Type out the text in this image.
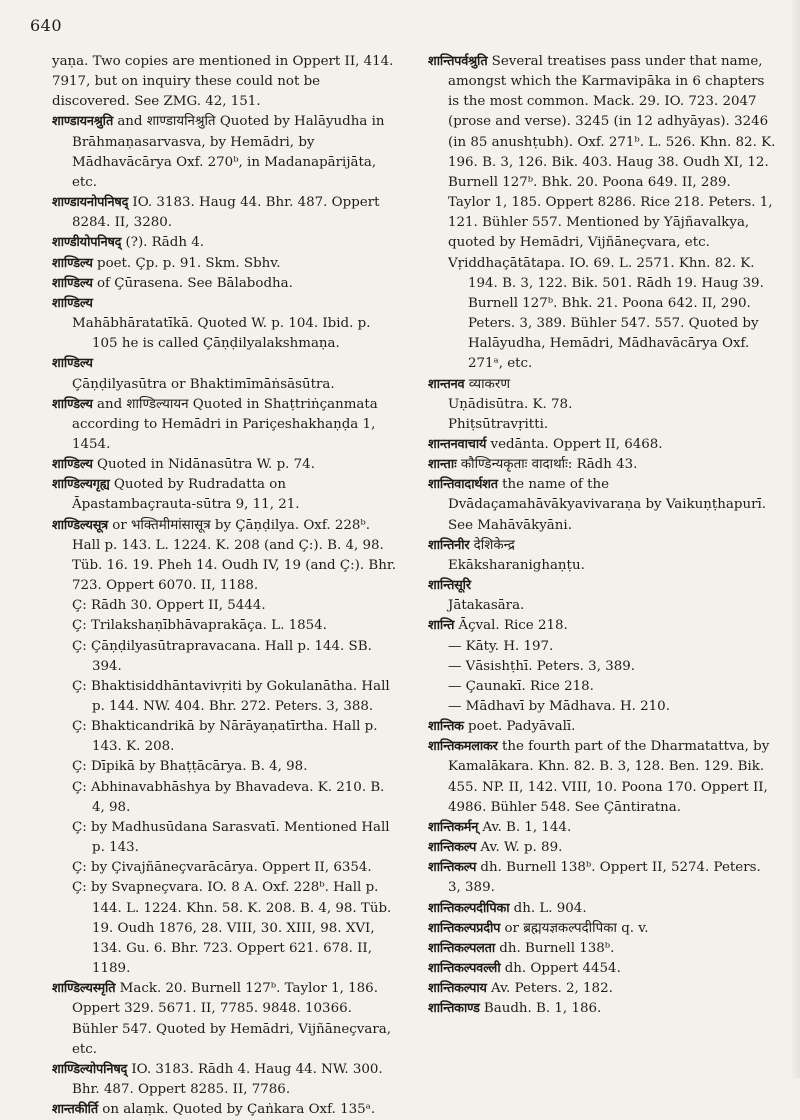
640

yaṇa. Two copies are mentioned in Oppert II, 414. 7917, but on inquiry these could not be discovered. See ZMG. 42, 151.

शाण्डायनश्रुति and शाण्डायनिश्रुति Quoted by Halāyudha in Brāhmaṇasarvasva, by Hemādri, by Mādhavācārya Oxf. 270ᵇ, in Madanapārijāta, etc.

शाण्डायनोपनिषद् IO. 3183. Haug 44. Bhr. 487. Oppert 8284. II, 3280.

शाण्डीयोपनिषद् (?). Rādh 4.

शाण्डिल्य poet. Çp. p. 91. Skm. Sbhv.

शाण्डिल्य of Çūrasena. See Bālabodha.

शाण्डिल्य

Mahābhāratatīkā. Quoted W. p. 104. Ibid. p. 105 he is called Çāṇḍilyalakshmaṇa.

शाण्डिल्य

Çāṇḍilyasūtra or Bhaktimīmāṅsāsūtra.

शाण्डिल्य and शाण्डिल्यायन Quoted in Shaṭtriṅçanmata according to Hemādri in Pariçeshakhaṇḍa 1, 1454.

शाण्डिल्य Quoted in Nidānasūtra W. p. 74.

शाण्डिल्यगृह्य Quoted by Rudradatta on Āpastambaçrauta-sūtra 9, 11, 21.

शाण्डिल्यसूत्र or भक्तिमीमांसासूत्र by Çāṇḍilya. Oxf. 228ᵇ. Hall p. 143. L. 1224. K. 208 (and Ç:). B. 4, 98. Tüb. 16. 19. Pheh 14. Oudh IV, 19 (and Ç:). Bhr. 723. Oppert 6070. II, 1188.

Ç: Rādh 30. Oppert II, 5444.

Ç: Trilakshaṇībhāvaprakāça. L. 1854.

Ç: Çāṇḍilyasūtrapravacana. Hall p. 144. SB. 394.

Ç: Bhaktisiddhāntavivṛiti by Gokulanātha. Hall p. 144. NW. 404. Bhr. 272. Peters. 3, 388.

Ç: Bhakticandrikā by Nārāyaṇatīrtha. Hall p. 143. K. 208.

Ç: Dīpikā by Bhaṭṭācārya. B. 4, 98.

Ç: Abhinavabhāshya by Bhavadeva. K. 210. B. 4, 98.

Ç: by Madhusūdana Sarasvatī. Mentioned Hall p. 143.

Ç: by Çivajñāneçvarācārya. Oppert II, 6354.

Ç: by Svapneçvara. IO. 8 A. Oxf. 228ᵇ. Hall p. 144. L. 1224. Khn. 58. K. 208. B. 4, 98. Tüb. 19. Oudh 1876, 28. VIII, 30. XIII, 98. XVI, 134. Gu. 6. Bhr. 723. Oppert 621. 678. II, 1189.

शाण्डिल्यस्मृति Mack. 20. Burnell 127ᵇ. Taylor 1, 186. Oppert 329. 5671. II, 7785. 9848. 10366. Bühler 547. Quoted by Hemādri, Vijñāneçvara, etc.

शाण्डिल्योपनिषद् IO. 3183. Rādh 4. Haug 44. NW. 300. Bhr. 487. Oppert 8285. II, 7786.

शान्तकीर्ति on alaṃk. Quoted by Çaṅkara Oxf. 135ᵃ.

शान्तिपर्वश्रुति Several treatises pass under that name, amongst which the Karmavipāka in 6 chapters is the most common. Mack. 29. IO. 723. 2047 (prose and verse). 3245 (in 12 adhyāyas). 3246 (in 85 anushṭubh). Oxf. 271ᵇ. L. 526. Khn. 82. K. 196. B. 3, 126. Bik. 403. Haug 38. Oudh XI, 12. Burnell 127ᵇ. Bhk. 20. Poona 649. II, 289. Taylor 1, 185. Oppert 8286. Rice 218. Peters. 1, 121. Bühler 557. Mentioned by Yājñavalkya, quoted by Hemādri, Vijñāneçvara, etc.

Vṛiddhaçātātapa. IO. 69. L. 2571. Khn. 82. K. 194. B. 3, 122. Bik. 501. Rādh 19. Haug 39. Burnell 127ᵇ. Bhk. 21. Poona 642. II, 290. Peters. 3, 389. Bühler 547. 557. Quoted by Halāyudha, Hemādri, Mādhavācārya Oxf. 271ᵃ, etc.

शान्तनव व्याकरण

Uṇādisūtra. K. 78.

Phiṭsūtravṛitti.

शान्तनवाचार्य vedānta. Oppert II, 6468.

शान्ताः कौण्डिन्यकृताः वादार्थाः: Rādh 43.

शान्तिवादार्थशत the name of the Dvādaçamahāvākyavivaraṇa by Vaikuṇṭhapurī. See Mahāvākyāni.

शान्तिनीर देशिकेन्द्र

Ekāksharanighaṇṭu.

शान्तिसूरि

Jātakasāra.

शान्ति Āçval. Rice 218.

— Kāty. H. 197.

— Vāsishṭhī. Peters. 3, 389.

— Çaunakī. Rice 218.

— Mādhavī by Mādhava. H. 210.

शान्तिक poet. Padyāvalī.

शान्तिकमलाकर the fourth part of the Dharmatattva, by Kamalākara. Khn. 82. B. 3, 128. Ben. 129. Bik. 455. NP. II, 142. VIII, 10. Poona 170. Oppert II, 4986. Bühler 548. See Çāntiratna.

शान्तिकर्मन् Av. B. 1, 144.

शान्तिकल्प Av. W. p. 89.

शान्तिकल्प dh. Burnell 138ᵇ. Oppert II, 5274. Peters. 3, 389.

शान्तिकल्पदीपिका dh. L. 904.

शान्तिकल्पप्रदीप or ब्रह्मयज्ञकल्पदीपिका q. v.

शान्तिकल्पलता dh. Burnell 138ᵇ.

शान्तिकल्पवल्ली dh. Oppert 4454.

शान्तिकल्पाय Av. Peters. 2, 182.

शान्तिकाण्ड Baudh. B. 1, 186.
